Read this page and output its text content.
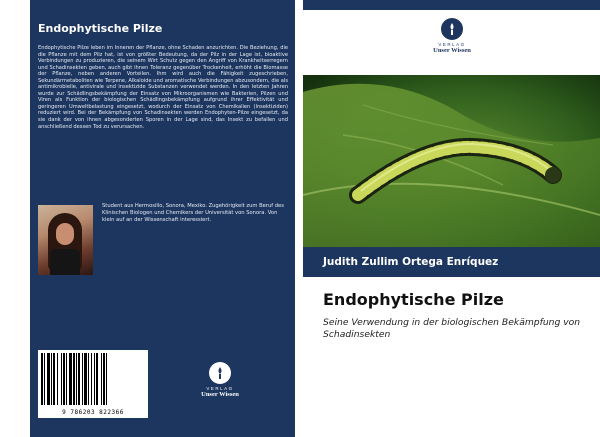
Endophytische Pilze
Endophytische Pilze leben im Inneren der Pflanze, ohne Schaden anzurichten. Die Beziehung, die die Pflanze mit dem Pilz hat, ist von größter Bedeutung, da der Pilz in der Lage ist, bioaktive Verbindungen zu produzieren, die seinem Wirt Schutz gegen den Angriff von Krankheitserregern und Schadinsekten geben, auch gibt ihnen Toleranz gegenüber Trockenheit, erhöht die Biomasse der Pflanze, neben anderen Vorteilen. Ihm wird auch die Fähigkeit zugeschrieben, Sekundärmetaboliten wie Terpene, Alkaloide und aromatische Verbindungen abzusondern, die als antimikrobielle, antivirale und insektizide Substanzen verwendet werden. In den letzten Jahren wurde zur Schädlingsbekämpfung der Einsatz von Mikroorganismen wie Bakterien, Pilzen und Viren als Funktion der biologischen Schädlingsbekämpfung aufgrund ihrer Effektivität und geringeren Umweltbelastung eingesetzt, wodurch der Einsatz von Chemikalien (Insektiziden) reduziert wird. Bei der Bekämpfung von Schadinsekten werden Endophyten-Pilze eingesetzt, da sie dank der von ihnen abgesonderten Sporen in der Lage sind, das Insekt zu befallen und anschließend dessen Tod zu verursachen.
Student aus Hermosillo, Sonora, Mexiko. Zugehörigkeit zum Beruf des Klinischen Biologen und Chemikers der Universität von Sonora. Von klein auf an der Wissenschaft interessiert.
9 786203 822366
VERLAG
Unser Wissen
VERLAG
Unser Wissen
Judith Zullim Ortega Enríquez
Endophytische Pilze
Seine Verwendung in der biologischen Bekämpfung von Schadinsekten
